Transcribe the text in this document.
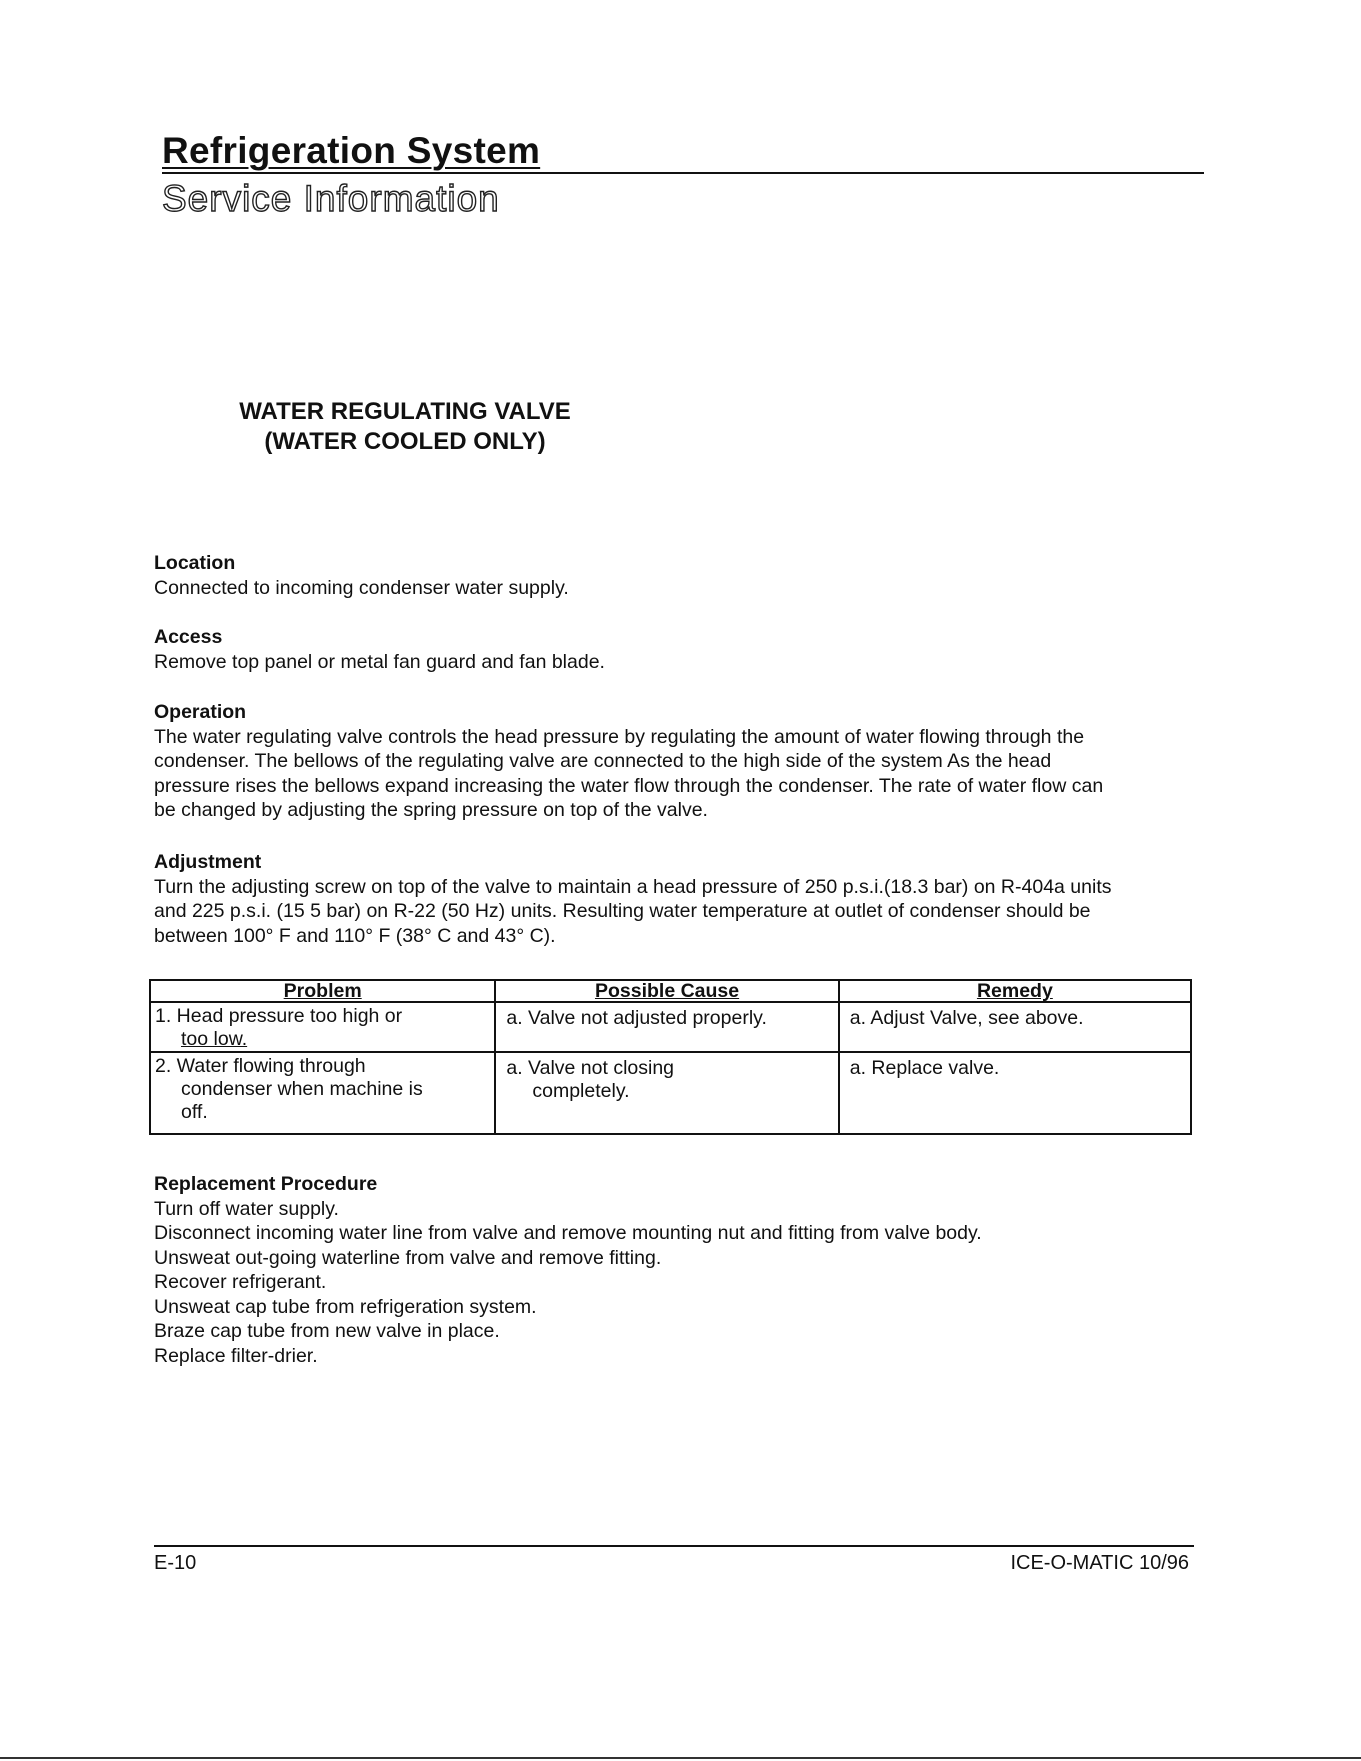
Refrigeration System
Service Information
WATER REGULATING VALVE
(WATER COOLED ONLY)

Location

Connected to incoming condenser water supply.

Access

Remove top panel or metal fan guard and fan blade.

Operation

The water regulating valve controls the head pressure by regulating the amount of water flowing through the

condenser. The bellows of the regulating valve are connected to the high side of the system As the head

pressure rises the bellows expand increasing the water flow through the condenser. The rate of water flow can

be changed by adjusting the spring pressure on top of the valve.

Adjustment

Turn the adjusting screw on top of the valve to maintain a head pressure of 250 p.s.i.(18.3 bar) on R-404a units

and 225 p.s.i. (15 5 bar) on R-22 (50 Hz) units. Resulting water temperature at outlet of condenser should be

between 100° F and 110° F (38° C and 43° C).

Problem	Possible Cause	Remedy
1. Head pressure too high or
too low.	a. Valve not adjusted properly.	a. Adjust Valve, see above.
2. Water flowing through
condenser when machine is
off.	a. Valve not closing
completely.	a. Replace valve.

Replacement Procedure

Turn off water supply.

Disconnect incoming water line from valve and remove mounting nut and fitting from valve body.

Unsweat out-going waterline from valve and remove fitting.

Recover refrigerant.

Unsweat cap tube from refrigeration system.

Braze cap tube from new valve in place.

Replace filter-drier.

E-10	ICE-O-MATIC 10/96
